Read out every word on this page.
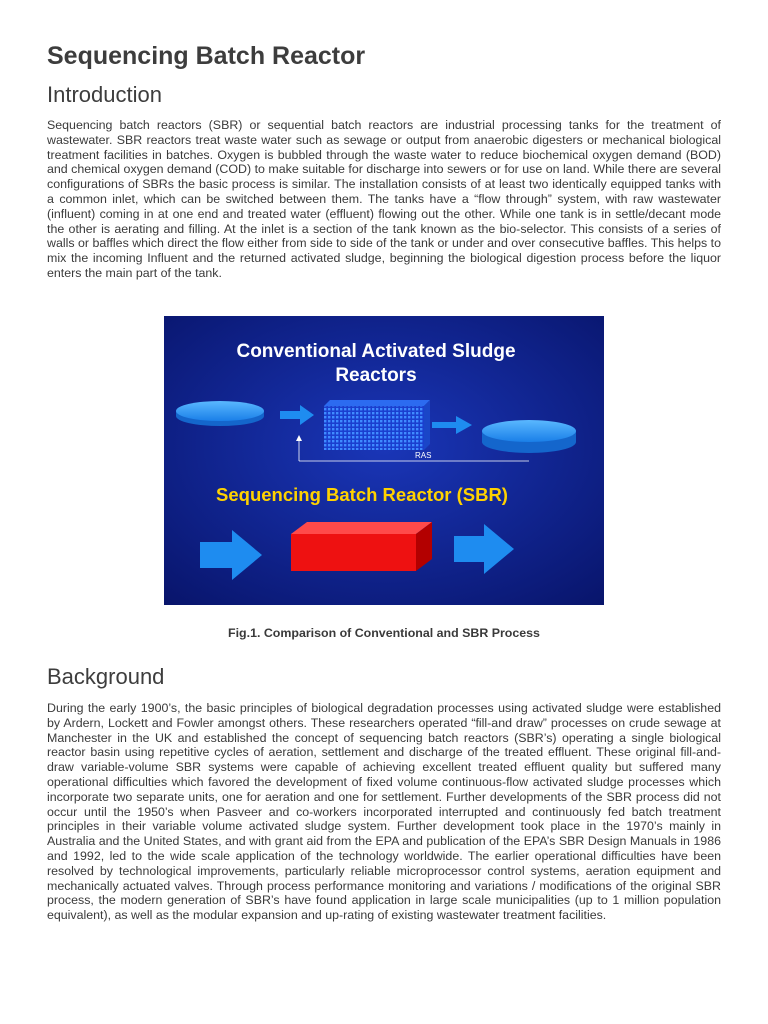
Sequencing Batch Reactor
Introduction

Sequencing batch reactors (SBR) or sequential batch reactors are industrial processing tanks for the treatment of wastewater. SBR reactors treat waste water such as sewage or output from anaerobic digesters or mechanical biological treatment facilities in batches. Oxygen is bubbled through the waste water to reduce biochemical oxygen demand (BOD) and chemical oxygen demand (COD) to make suitable for discharge into sewers or for use on land. While there are several configurations of SBRs the basic process is similar. The installation consists of at least two identically equipped tanks with a common inlet, which can be switched between them. The tanks have a “flow through” system, with raw wastewater (influent) coming in at one end and treated water (effluent) flowing out the other. While one tank is in settle/decant mode the other is aerating and filling. At the inlet is a section of the tank known as the bio-selector. This consists of a series of walls or baffles which direct the flow either from side to side of the tank or under and over consecutive baffles. This helps to mix the incoming Influent and the returned activated sludge, beginning the biological digestion process before the liquor enters the main part of the tank.

Background

During the early 1900’s, the basic principles of biological degradation processes using activated sludge were established by Ardern, Lockett and Fowler amongst others. These researchers operated “fill-and draw” processes on crude sewage at Manchester in the UK and established the concept of sequencing batch reactors (SBR’s) operating a single biological reactor basin using repetitive cycles of aeration, settlement and discharge of the treated effluent. These original fill-and-draw variable-volume SBR systems were capable of achieving excellent treated effluent quality but suffered many operational difficulties which favored the development of fixed volume continuous-flow activated sludge processes which incorporate two separate units, one for aeration and one for settlement. Further developments of the SBR process did not occur until the 1950’s when Pasveer and co-workers incorporated interrupted and continuously fed batch treatment principles in their variable volume activated sludge system. Further development took place in the 1970’s mainly in Australia and the United States, and with grant aid from the EPA and publication of the EPA’s SBR Design Manuals in 1986 and 1992, led to the wide scale application of the technology worldwide. The earlier operational difficulties have been resolved by technological improvements, particularly reliable microprocessor control systems, aeration equipment and mechanically actuated valves. Through process performance monitoring and variations / modifications of the original SBR process, the modern generation of SBR’s have found application in large scale municipalities (up to 1 million population equivalent), as well as the modular expansion and up-rating of existing wastewater treatment facilities.

Conventional Activated Sludge
Reactors
RAS
Sequencing Batch Reactor (SBR)
Fig.1. Comparison of Conventional and SBR Process
